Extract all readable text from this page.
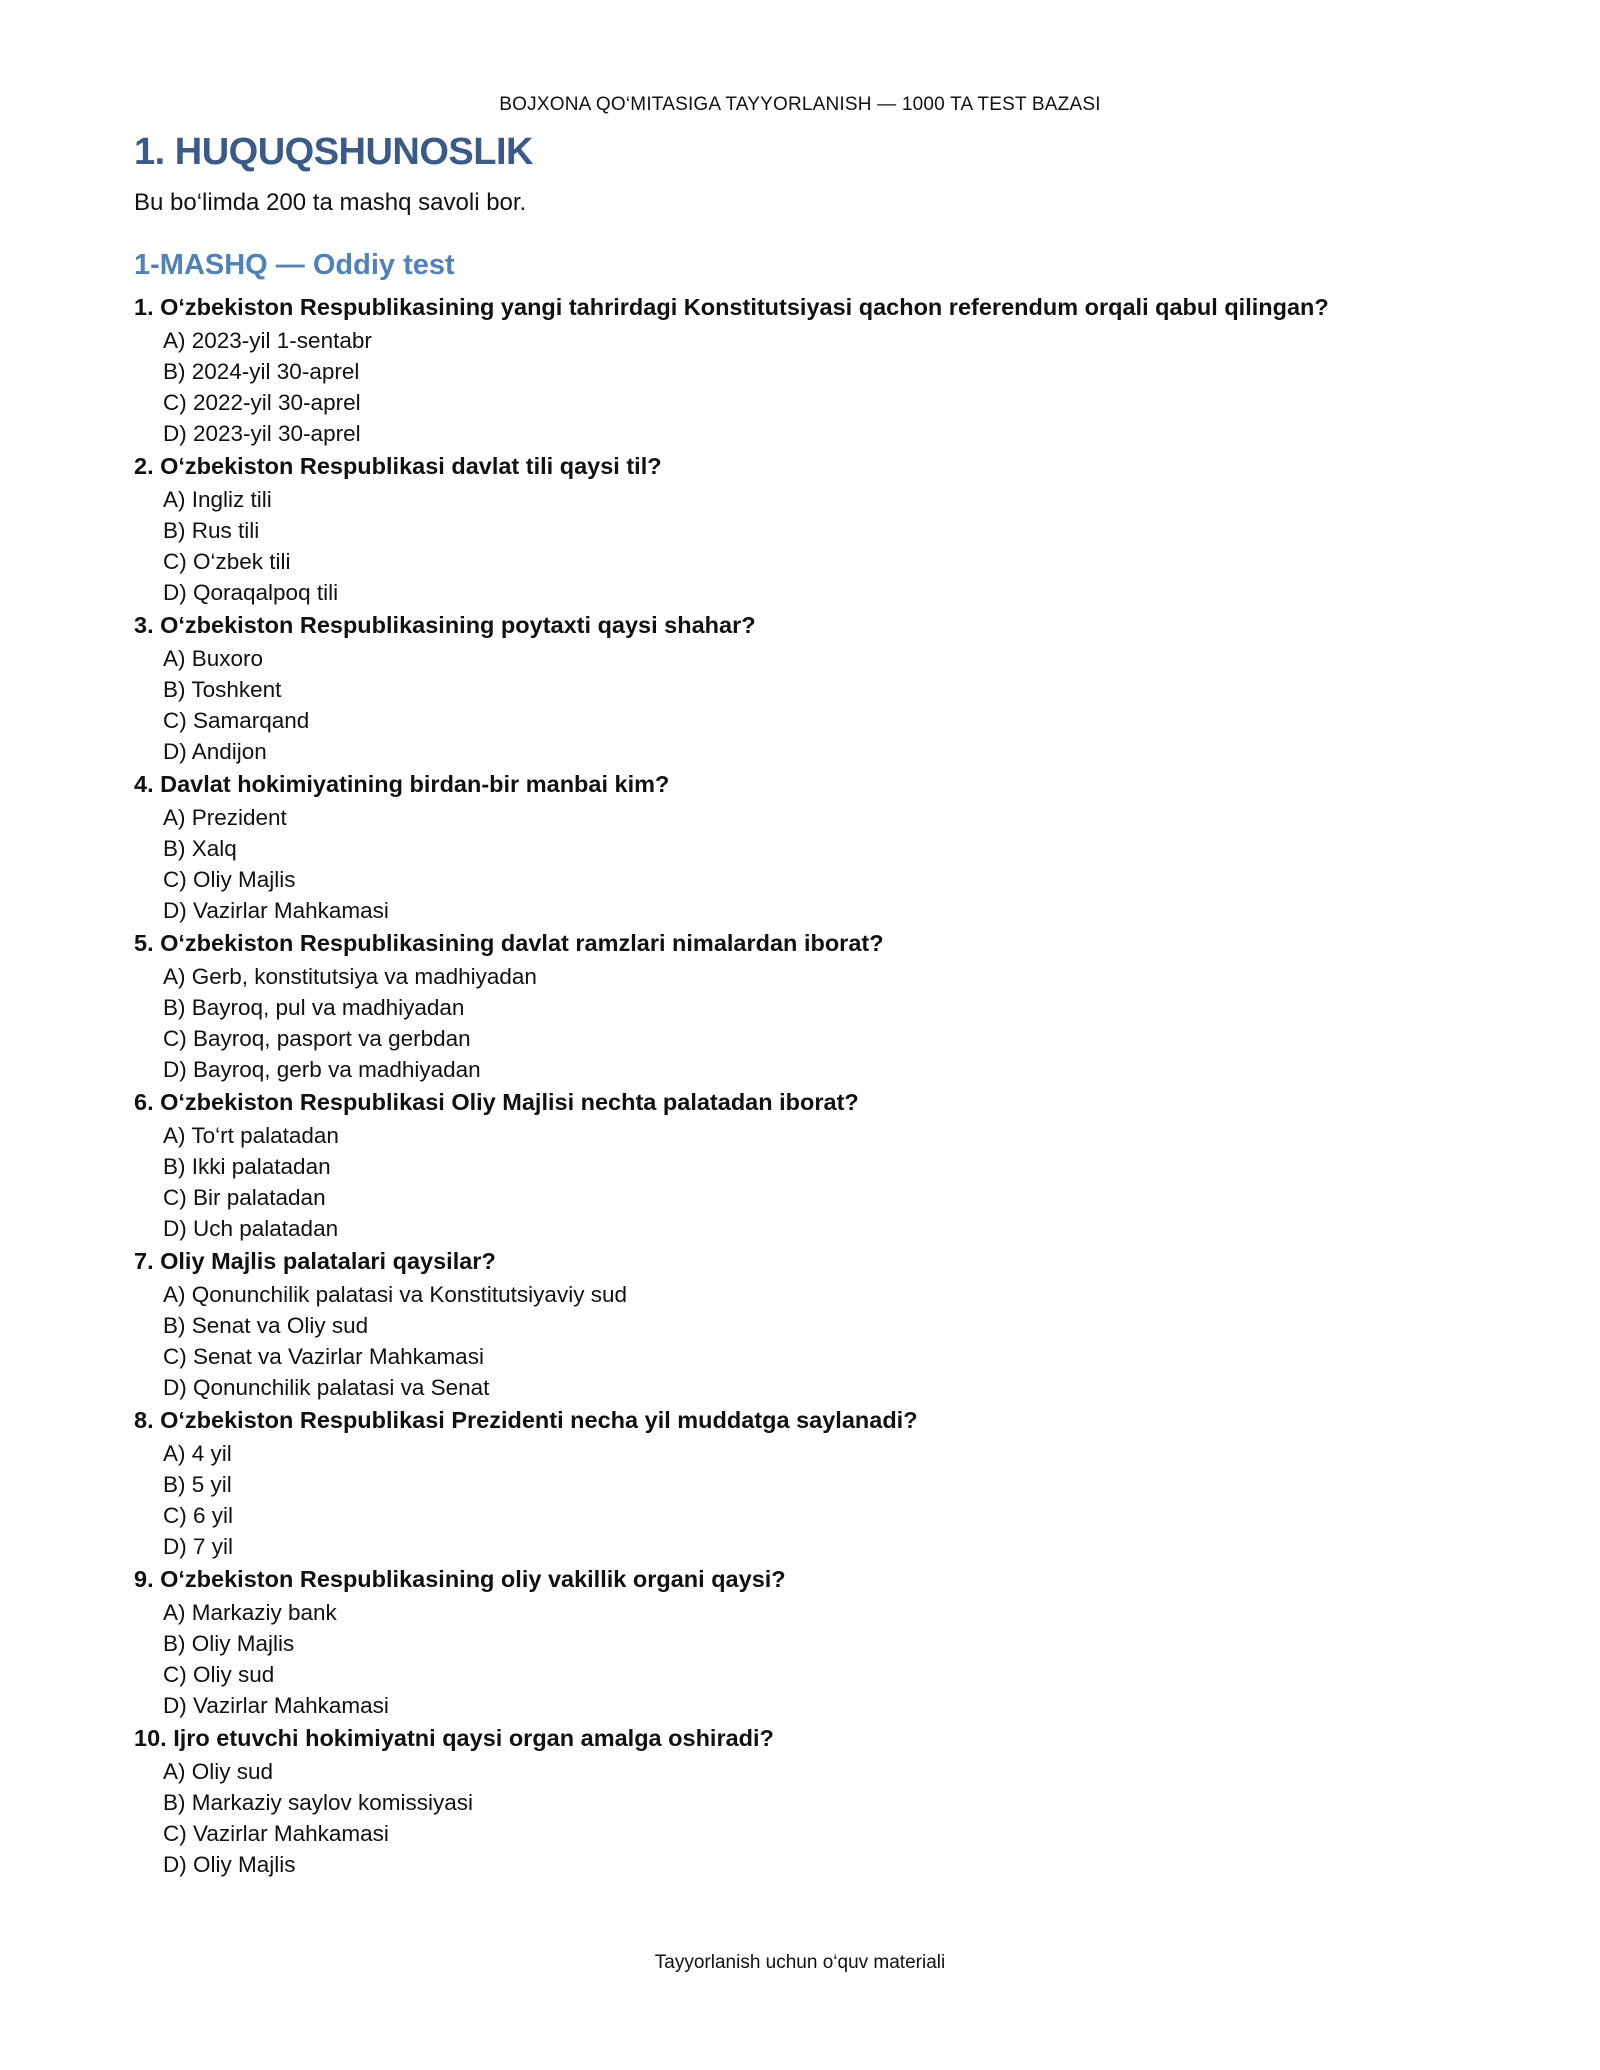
BOJXONA QO‘MITASIGA TAYYORLANISH — 1000 TA TEST BAZASI
1. HUQUQSHUNOSLIK

Bu bo‘limda 200 ta mashq savoli bor.

1-MASHQ — Oddiy test

1. O‘zbekiston Respublikasining yangi tahrirdagi Konstitutsiyasi qachon referendum orqali qabul qilingan?

A) 2023-yil 1-sentabr
B) 2024-yil 30-aprel
C) 2022-yil 30-aprel
D) 2023-yil 30-aprel

2. O‘zbekiston Respublikasi davlat tili qaysi til?

A) Ingliz tili
B) Rus tili
C) O‘zbek tili
D) Qoraqalpoq tili

3. O‘zbekiston Respublikasining poytaxti qaysi shahar?

A) Buxoro
B) Toshkent
C) Samarqand
D) Andijon

4. Davlat hokimiyatining birdan-bir manbai kim?

A) Prezident
B) Xalq
C) Oliy Majlis
D) Vazirlar Mahkamasi

5. O‘zbekiston Respublikasining davlat ramzlari nimalardan iborat?

A) Gerb, konstitutsiya va madhiyadan
B) Bayroq, pul va madhiyadan
C) Bayroq, pasport va gerbdan
D) Bayroq, gerb va madhiyadan

6. O‘zbekiston Respublikasi Oliy Majlisi nechta palatadan iborat?

A) To‘rt palatadan
B) Ikki palatadan
C) Bir palatadan
D) Uch palatadan

7. Oliy Majlis palatalari qaysilar?

A) Qonunchilik palatasi va Konstitutsiyaviy sud
B) Senat va Oliy sud
C) Senat va Vazirlar Mahkamasi
D) Qonunchilik palatasi va Senat

8. O‘zbekiston Respublikasi Prezidenti necha yil muddatga saylanadi?

A) 4 yil
B) 5 yil
C) 6 yil
D) 7 yil

9. O‘zbekiston Respublikasining oliy vakillik organi qaysi?

A) Markaziy bank
B) Oliy Majlis
C) Oliy sud
D) Vazirlar Mahkamasi

10. Ijro etuvchi hokimiyatni qaysi organ amalga oshiradi?

A) Oliy sud
B) Markaziy saylov komissiyasi
C) Vazirlar Mahkamasi
D) Oliy Majlis
Tayyorlanish uchun o‘quv materiali
